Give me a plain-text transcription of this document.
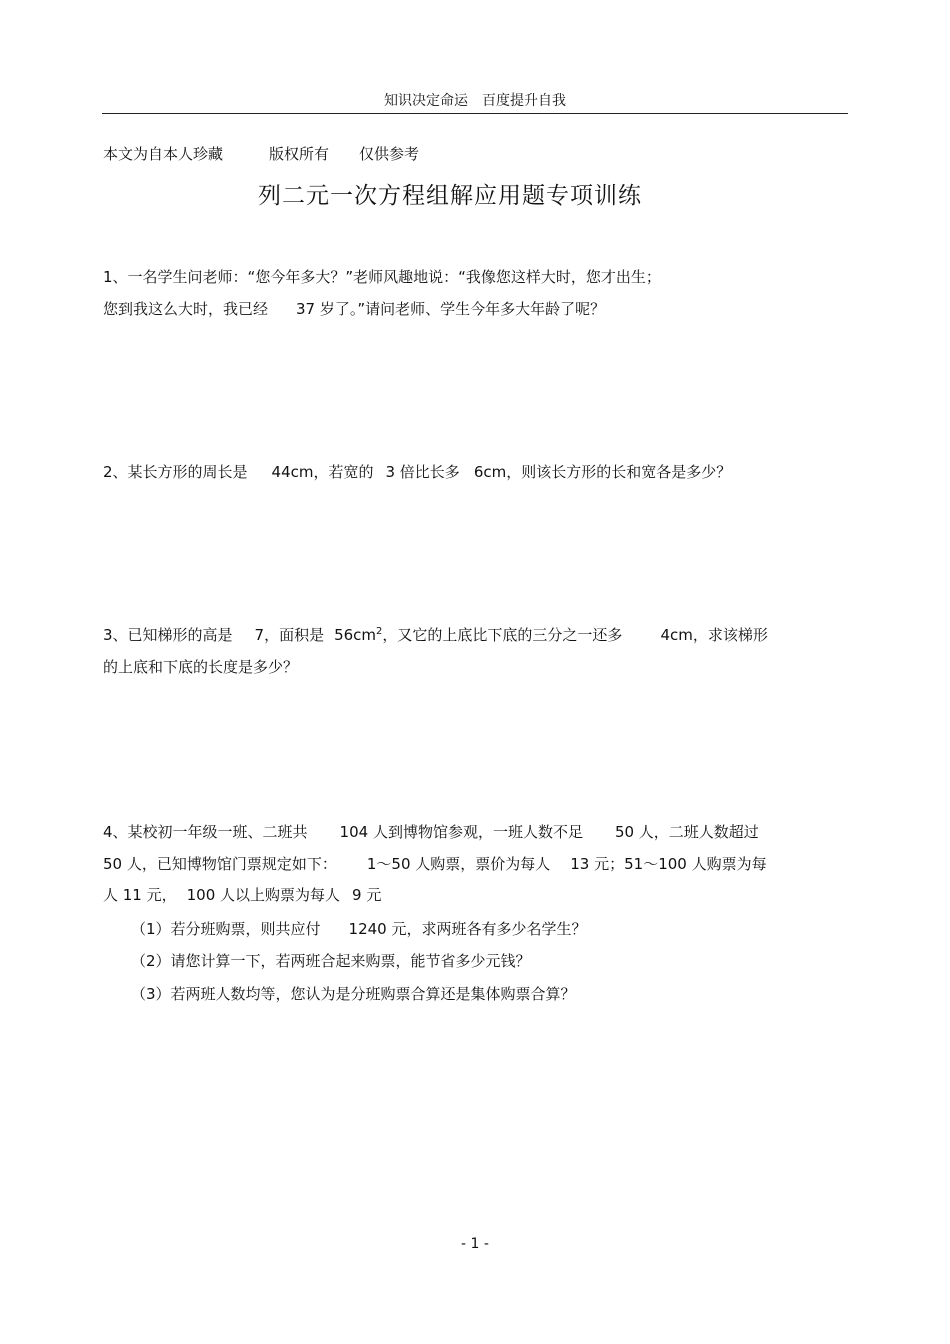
知识决定命运　百度提升自我
本文为自本人珍藏	版权所有 仅供参考
列二元一次方程组解应用题专项训练
1、一名学生问老师：“您今年多大？”老师风趣地说：“我像您这样大时，您才出生；
您到我这么大时，我已经 37 岁了。”请问老师、学生今年多大年龄了呢？
2、某长方形的周长是 44cm，若宽的 3 倍比长多 6cm，则该长方形的长和宽各是多少？
3、已知梯形的高是 7，面积是 $56cm^2$，又它的上底比下底的三分之一还多	4cm，求该梯形
的上底和下底的长度是多少？
4、某校初一年级一班、二班共 104 人到博物馆参观，一班人数不足 50 人，二班人数超过
50 人，已知博物馆门票规定如下： 1～50 人购票，票价为每人 13 元；51～100 人购票为每
人 11 元， 100 人以上购票为每人 9 元
（1）若分班购票，则共应付 1240 元，求两班各有多少名学生？
（2）请您计算一下，若两班合起来购票，能节省多少元钱？
（3）若两班人数均等，您认为是分班购票合算还是集体购票合算？
- 1 -
